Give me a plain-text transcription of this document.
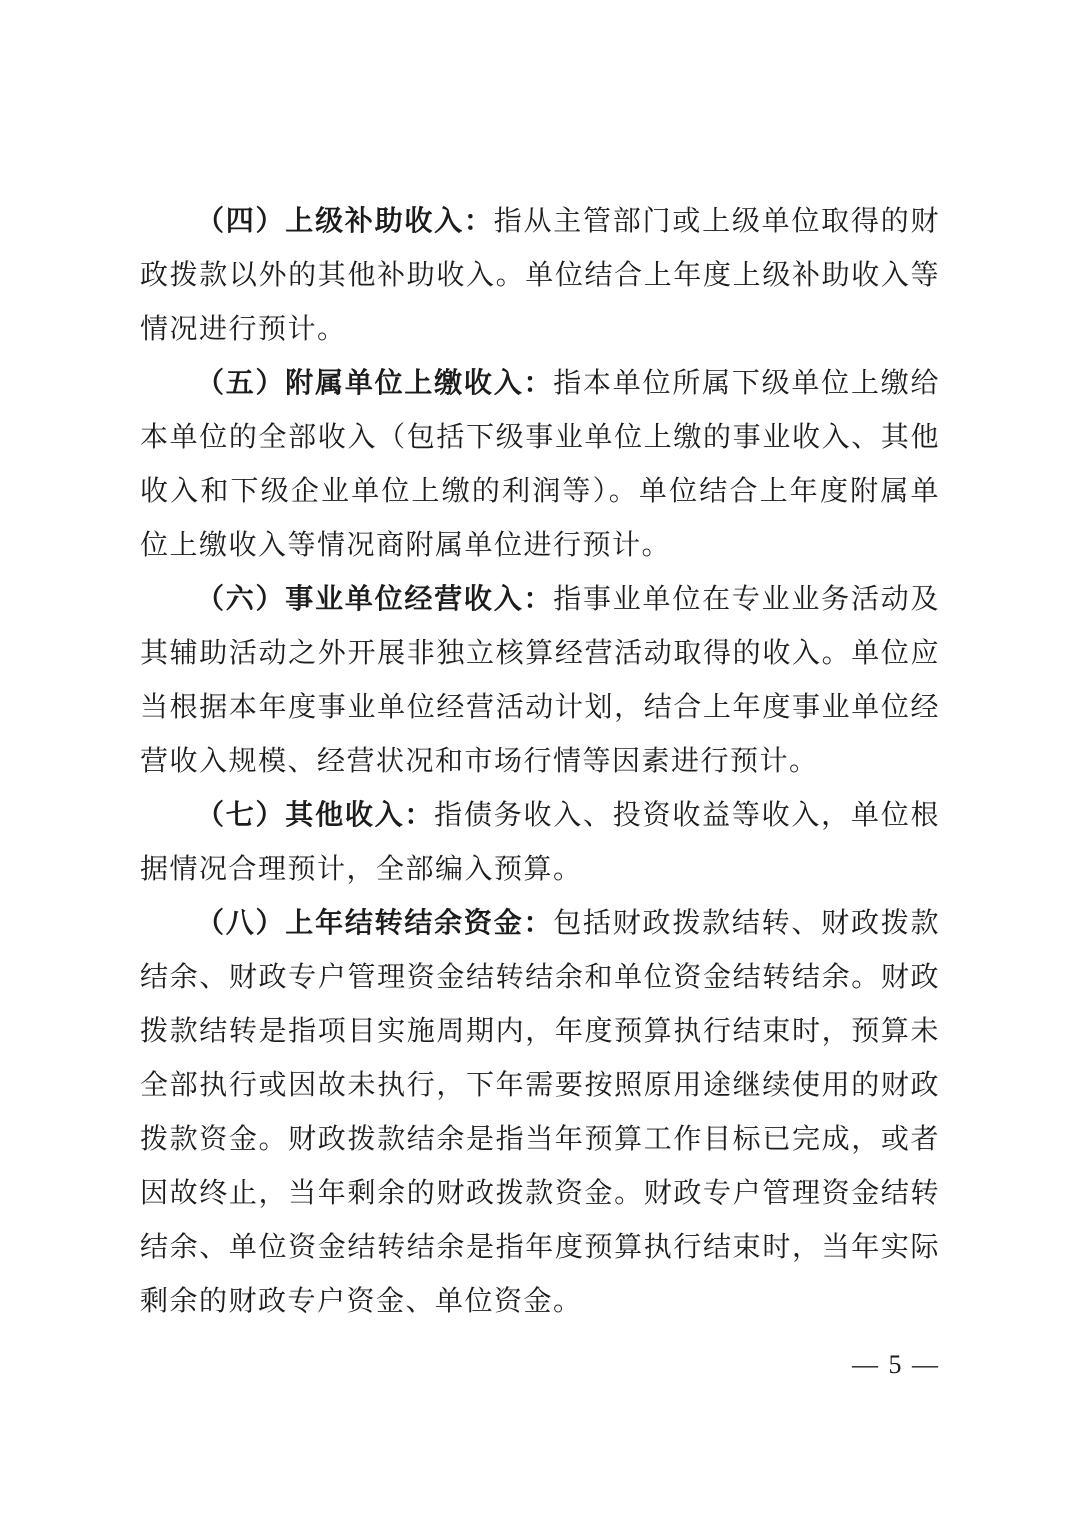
（四）上级补助收入：指从主管部门或上级单位取得的财政拨款以外的其他补助收入。单位结合上年度上级补助收入等情况进行预计。

（五）附属单位上缴收入：指本单位所属下级单位上缴给本单位的全部收入（包括下级事业单位上缴的事业收入、其他收入和下级企业单位上缴的利润等）。单位结合上年度附属单位上缴收入等情况商附属单位进行预计。

（六）事业单位经营收入：指事业单位在专业业务活动及其辅助活动之外开展非独立核算经营活动取得的收入。单位应当根据本年度事业单位经营活动计划，结合上年度事业单位经营收入规模、经营状况和市场行情等因素进行预计。

（七）其他收入：指债务收入、投资收益等收入，单位根据情况合理预计，全部编入预算。

（八）上年结转结余资金：包括财政拨款结转、财政拨款结余、财政专户管理资金结转结余和单位资金结转结余。财政拨款结转是指项目实施周期内，年度预算执行结束时，预算未全部执行或因故未执行，下年需要按照原用途继续使用的财政拨款资金。财政拨款结余是指当年预算工作目标已完成，或者因故终止，当年剩余的财政拨款资金。财政专户管理资金结转结余、单位资金结转结余是指年度预算执行结束时，当年实际剩余的财政专户资金、单位资金。

— 5 —
